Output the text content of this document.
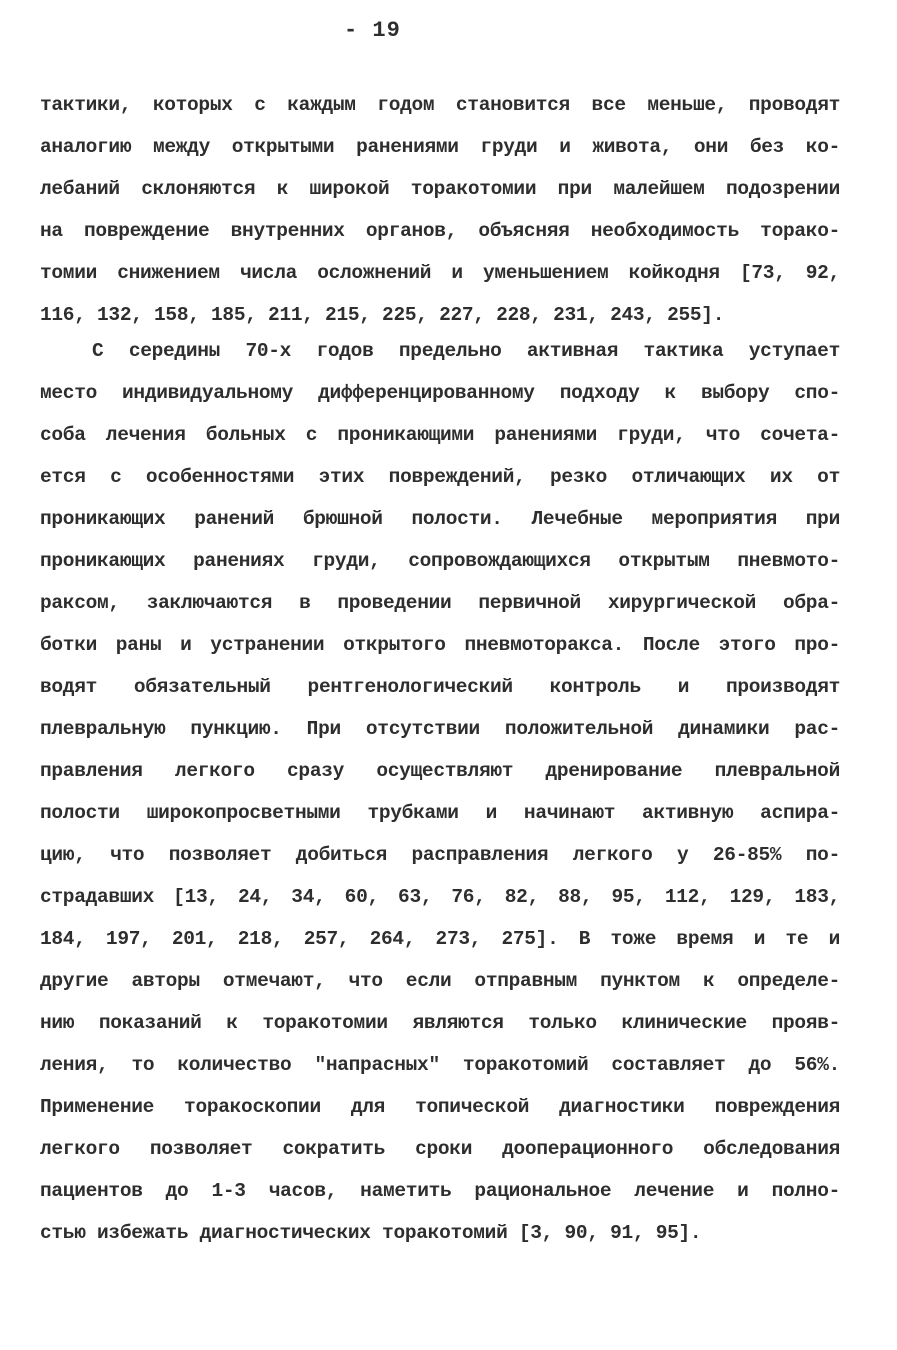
- 19
тактики, которых с каждым годом становится все меньше, проводят
аналогию между открытыми ранениями груди и живота, они без ко-
лебаний склоняются к широкой торакотомии при малейшем подозрении
на повреждение внутренних органов, объясняя необходимость торако-
томии снижением числа осложнений и уменьшением койкодня [73, 92,
116, 132, 158, 185, 211, 215, 225, 227, 228, 231, 243, 255].
С середины 70-х годов предельно активная тактика уступает
место индивидуальному дифференцированному подходу к выбору спо-
соба лечения больных с проникающими ранениями груди, что сочета-
ется с особенностями этих повреждений, резко отличающих их от
проникающих ранений брюшной полости. Лечебные мероприятия при
проникающих ранениях груди, сопровождающихся открытым пневмото-
раксом, заключаются в проведении первичной хирургической обра-
ботки раны и устранении открытого пневмоторакса. После этого про-
водят обязательный рентгенологический контроль и производят
плевральную пункцию. При отсутствии положительной динамики рас-
правления легкого сразу осуществляют дренирование плевральной
полости широкопросветными трубками и начинают активную аспира-
цию, что позволяет добиться расправления легкого у 26-85% по-
страдавших [13, 24, 34, 60, 63, 76, 82, 88, 95, 112, 129, 183,
184, 197, 201, 218, 257, 264, 273, 275]. В тоже время и те и
другие авторы отмечают, что если отправным пунктом к определе-
нию показаний к торакотомии являются только клинические прояв-
ления, то количество "напрасных" торакотомий составляет до 56%.
Применение торакоскопии для топической диагностики повреждения
легкого позволяет сократить сроки дооперационного обследования
пациентов до 1-3 часов, наметить рациональное лечение и полно-
стью избежать диагностических торакотомий [3, 90, 91, 95].
